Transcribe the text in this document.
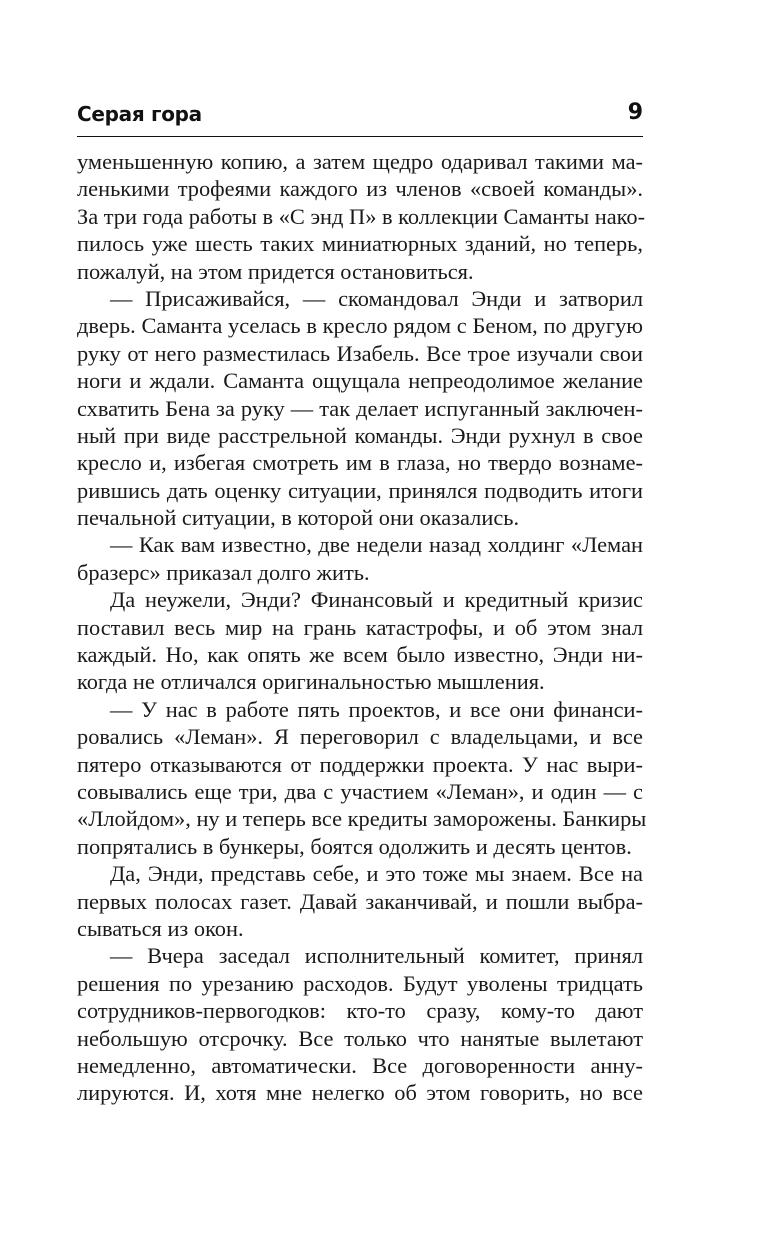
Серая гора	9
уменьшенную копию, а затем щедро одаривал такими ма-
ленькими трофеями каждого из членов «своей команды».
За три года работы в «С энд П» в коллекции Саманты нако-
пилось уже шесть таких миниатюрных зданий, но теперь,
пожалуй, на этом придется остановиться.
— Присаживайся, — скомандовал Энди и затворил
дверь. Саманта уселась в кресло рядом с Беном, по другую
руку от него разместилась Изабель. Все трое изучали свои
ноги и ждали. Саманта ощущала непреодолимое желание
схватить Бена за руку — так делает испуганный заключен-
ный при виде расстрельной команды. Энди рухнул в свое
кресло и, избегая смотреть им в глаза, но твердо вознаме-
рившись дать оценку ситуации, принялся подводить итоги
печальной ситуации, в которой они оказались.
— Как вам известно, две недели назад холдинг «Леман
бразерс» приказал долго жить.
Да неужели, Энди? Финансовый и кредитный кризис
поставил весь мир на грань катастрофы, и об этом знал
каждый. Но, как опять же всем было известно, Энди ни-
когда не отличался оригинальностью мышления.
— У нас в работе пять проектов, и все они финанси-
ровались «Леман». Я переговорил с владельцами, и все
пятеро отказываются от поддержки проекта. У нас выри-
совывались еще три, два с участием «Леман», и один — с
«Ллойдом», ну и теперь все кредиты заморожены. Банкиры
попрятались в бункеры, боятся одолжить и десять центов.
Да, Энди, представь себе, и это тоже мы знаем. Все на
первых полосах газет. Давай заканчивай, и пошли выбра-
сываться из окон.
— Вчера заседал исполнительный комитет, принял
решения по урезанию расходов. Будут уволены тридцать
сотрудников-первогодков: кто-то сразу, кому-то дают
небольшую отсрочку. Все только что нанятые вылетают
немедленно, автоматически. Все договоренности анну-
лируются. И, хотя мне нелегко об этом говорить, но все
